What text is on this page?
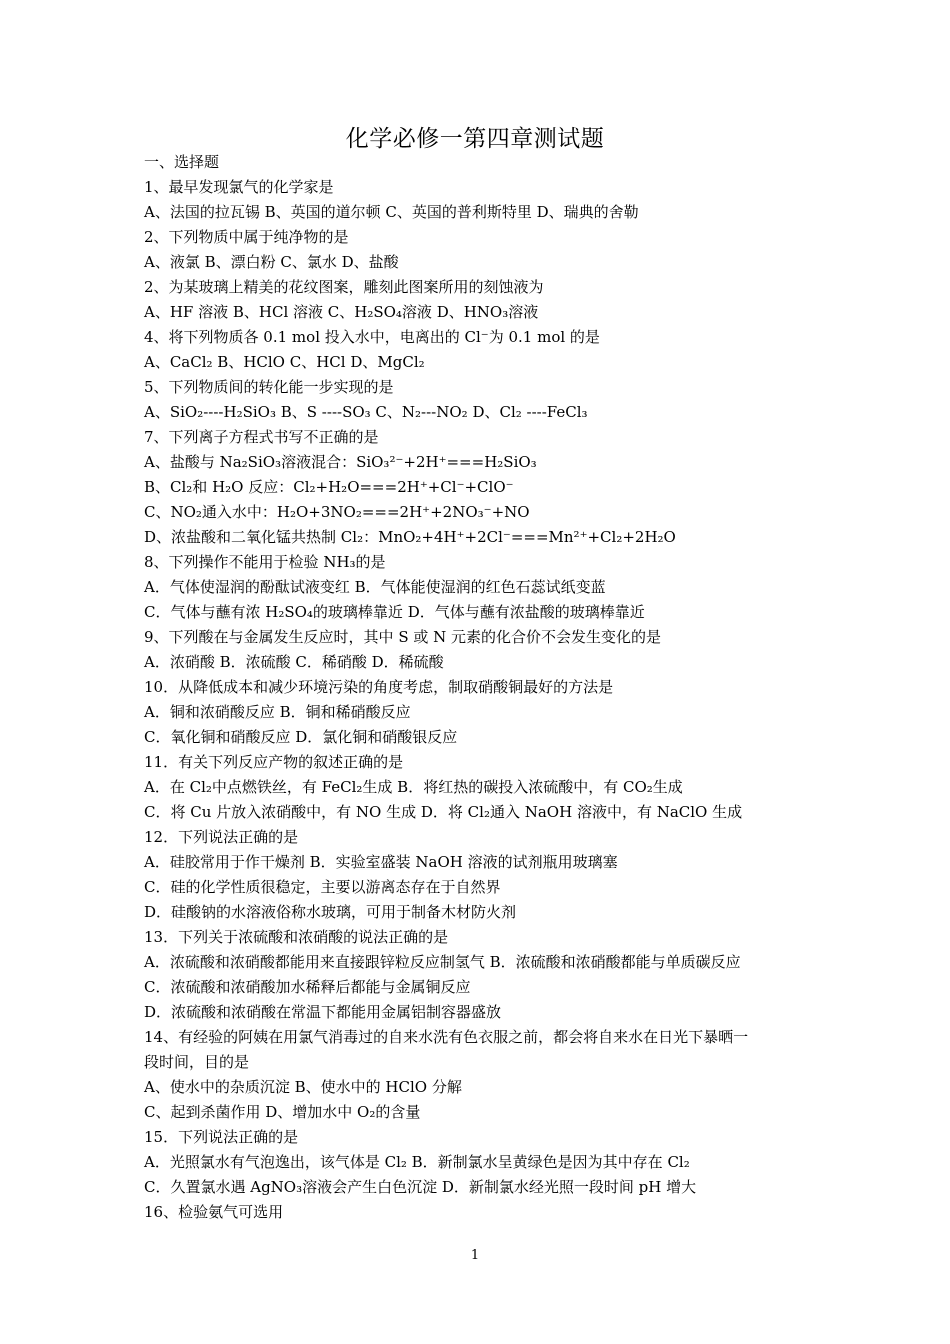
化学必修一第四章测试题
一、选择题
1、最早发现氯气的化学家是
A、法国的拉瓦锡 B、英国的道尔顿 C、英国的普利斯特里 D、瑞典的舍勒
2、下列物质中属于纯净物的是
A、液氯 B、漂白粉 C、氯水 D、盐酸
2、为某玻璃上精美的花纹图案，雕刻此图案所用的刻蚀液为
A、HF 溶液 B、HCl 溶液 C、H₂SO₄溶液 D、HNO₃溶液
4、将下列物质各 0.1 mol 投入水中，电离出的 Cl⁻为 0.1 mol 的是
A、CaCl₂ B、HClO C、HCl D、MgCl₂
5、下列物质间的转化能一步实现的是
A、SiO₂----H₂SiO₃ B、S ----SO₃ C、N₂---NO₂ D、Cl₂ ----FeCl₃
7、下列离子方程式书写不正确的是
A、盐酸与 Na₂SiO₃溶液混合：SiO₃²⁻+2H⁺===H₂SiO₃
B、Cl₂和 H₂O 反应：Cl₂+H₂O===2H⁺+Cl⁻+ClO⁻
C、NO₂通入水中：H₂O+3NO₂===2H⁺+2NO₃⁻+NO
D、浓盐酸和二氧化锰共热制 Cl₂：MnO₂+4H⁺+2Cl⁻===Mn²⁺+Cl₂+2H₂O
8、下列操作不能用于检验 NH₃的是
A．气体使湿润的酚酞试液变红 B．气体能使湿润的红色石蕊试纸变蓝
C．气体与蘸有浓 H₂SO₄的玻璃棒靠近 D．气体与蘸有浓盐酸的玻璃棒靠近
9、下列酸在与金属发生反应时，其中 S 或 N 元素的化合价不会发生变化的是
A．浓硝酸 B．浓硫酸 C．稀硝酸 D．稀硫酸
10．从降低成本和减少环境污染的角度考虑，制取硝酸铜最好的方法是
A．铜和浓硝酸反应 B．铜和稀硝酸反应
C．氧化铜和硝酸反应 D．氯化铜和硝酸银反应
11．有关下列反应产物的叙述正确的是
A．在 Cl₂中点燃铁丝，有 FeCl₂生成 B．将红热的碳投入浓硫酸中，有 CO₂生成
C．将 Cu 片放入浓硝酸中，有 NO 生成 D．将 Cl₂通入 NaOH 溶液中，有 NaClO 生成
12．下列说法正确的是
A．硅胶常用于作干燥剂 B．实验室盛装 NaOH 溶液的试剂瓶用玻璃塞
C．硅的化学性质很稳定，主要以游离态存在于自然界
D．硅酸钠的水溶液俗称水玻璃，可用于制备木材防火剂
13．下列关于浓硫酸和浓硝酸的说法正确的是
A．浓硫酸和浓硝酸都能用来直接跟锌粒反应制氢气 B．浓硫酸和浓硝酸都能与单质碳反应
C．浓硫酸和浓硝酸加水稀释后都能与金属铜反应
D．浓硫酸和浓硝酸在常温下都能用金属铝制容器盛放
14、有经验的阿姨在用氯气消毒过的自来水洗有色衣服之前，都会将自来水在日光下暴晒一
段时间，目的是
A、使水中的杂质沉淀 B、使水中的 HClO 分解
C、起到杀菌作用 D、增加水中 O₂的含量
15．下列说法正确的是
A．光照氯水有气泡逸出，该气体是 Cl₂ B．新制氯水呈黄绿色是因为其中存在 Cl₂
C．久置氯水遇 AgNO₃溶液会产生白色沉淀 D．新制氯水经光照一段时间 pH 增大
16、检验氨气可选用
1
